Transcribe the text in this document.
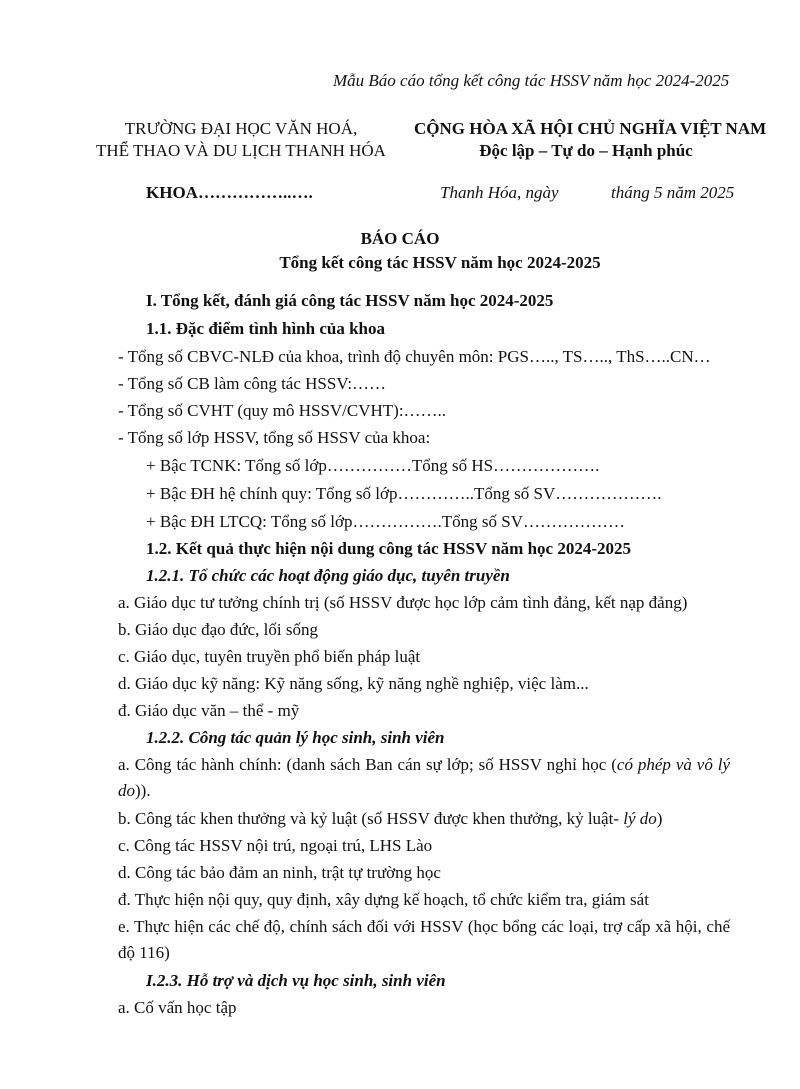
Mẫu Báo cáo tổng kết công tác HSSV năm học 2024-2025
TRƯỜNG ĐẠI HỌC VĂN HOÁ,
THỂ THAO VÀ DU LỊCH THANH HÓA
CỘNG HÒA XÃ HỘI CHỦ NGHĨA VIỆT NAM
Độc lập – Tự do – Hạnh phúc
KHOA……………..….	Thanh Hóa, ngày	tháng 5 năm 2025
BÁO CÁO
Tổng kết công tác HSSV năm học 2024-2025
I. Tổng kết, đánh giá công tác HSSV năm học 2024-2025
1.1. Đặc điểm tình hình của khoa
- Tổng số CBVC-NLĐ của khoa, trình độ chuyên môn: PGS….., TS….., ThS…..CN…
- Tổng số CB làm công tác HSSV:……
- Tổng số CVHT (quy mô HSSV/CVHT):……..
- Tổng số lớp HSSV, tổng số HSSV của khoa:
+ Bậc TCNK: Tổng số lớp……………Tổng số HS……………….
+ Bậc ĐH hệ chính quy: Tổng số lớp…………..Tổng số SV……………….
+ Bậc ĐH LTCQ: Tổng số lớp…………….Tổng số SV………………
1.2. Kết quả thực hiện nội dung công tác HSSV năm học 2024-2025
1.2.1. Tổ chức các hoạt động giáo dục, tuyên truyền
a. Giáo dục tư tưởng chính trị (số HSSV được học lớp cảm tình đảng, kết nạp đảng)
b. Giáo dục đạo đức, lối sống
c. Giáo dục, tuyên truyền phổ biến pháp luật
d. Giáo dục kỹ năng: Kỹ năng sống, kỹ năng nghề nghiệp, việc làm...
đ. Giáo dục văn – thể - mỹ
1.2.2. Công tác quản lý học sinh, sinh viên
a. Công tác hành chính: (danh sách Ban cán sự lớp; số HSSV nghỉ học (có phép và vô lý do)).
b. Công tác khen thưởng và kỷ luật (số HSSV được khen thưởng, kỷ luật- lý do)
c. Công tác HSSV nội trú, ngoại trú, LHS Lào
d. Công tác bảo đảm an ninh, trật tự trường học
đ. Thực hiện nội quy, quy định, xây dựng kế hoạch, tổ chức kiểm tra, giám sát
e. Thực hiện các chế độ, chính sách đối với HSSV (học bổng các loại, trợ cấp xã hội, chế độ 116)
I.2.3. Hỗ trợ và dịch vụ học sinh, sinh viên
a. Cố vấn học tập
